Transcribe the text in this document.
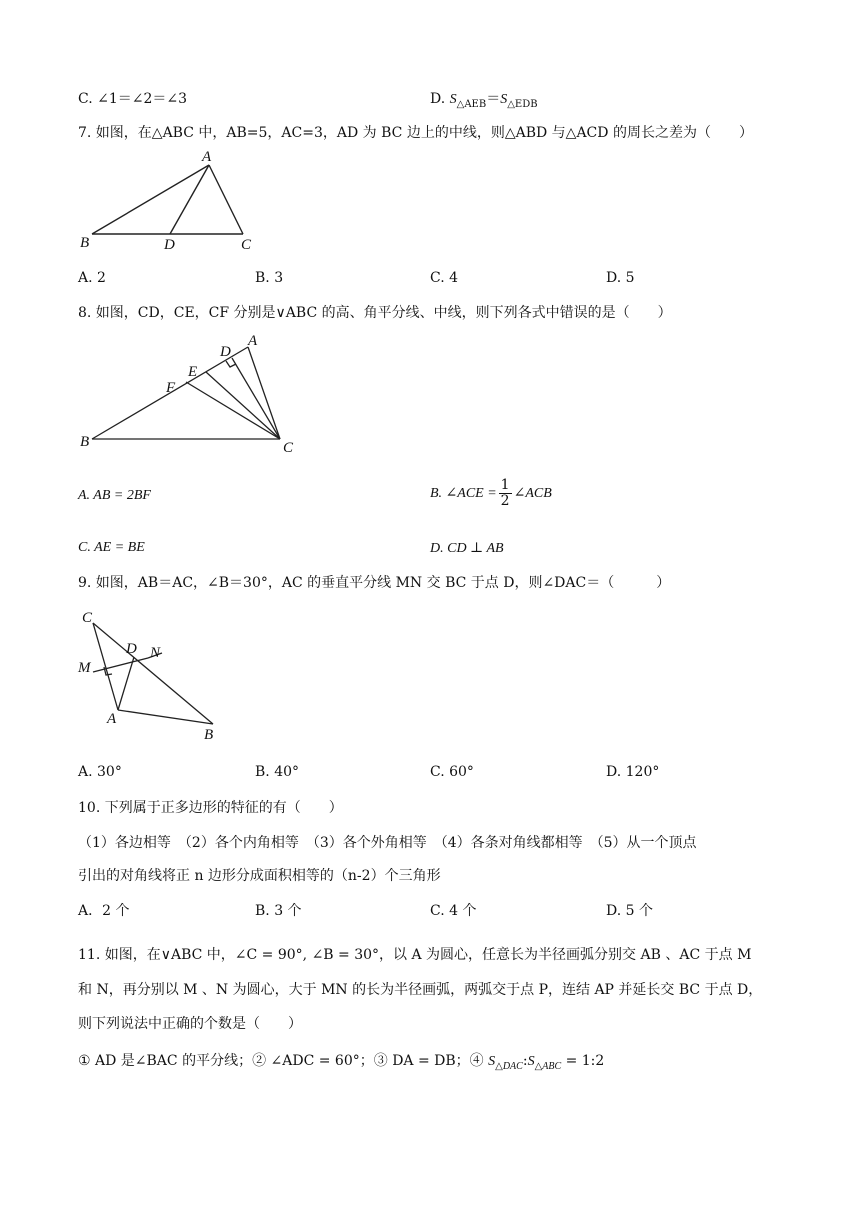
C. ∠1＝∠2＝∠3	D. $S_{\triangle AEB}=S_{\triangle EDB}$
7. 如图，在△ABC 中，AB=5，AC=3，AD 为 BC 边上的中线，则△ABD 与△ACD 的周长之差为（　　）
A
B	D	C
A. 2	B. 3	C. 4	D. 5
8. 如图，CD，CE，CF 分别是∨ABC 的高、角平分线、中线，则下列各式中错误的是（　　）
A
D
E
F
B	C
A. AB = 2BF	B. ∠ACE = $\frac{1}{2}$ ∠ACB
C. AE = BE	D. CD ⊥ AB
9. 如图，AB＝AC，∠B＝30°，AC 的垂直平分线 MN 交 BC 于点 D，则∠DAC＝（　　　）
C
D N
M
A
B
A. 30°	B. 40°	C. 60°	D. 120°
10. 下列属于正多边形的特征的有（　　）
（1）各边相等　（2）各个内角相等　（3）各个外角相等　（4）各条对角线都相等　（5）从一个顶点
引出的对角线将正 n 边形分成面积相等的（n-2）个三角形
A．2 个	B. 3 个	C. 4 个	D. 5 个
11. 如图，在∨ABC 中，∠C = 90°, ∠B = 30°，以 A 为圆心，任意长为半径画弧分别交 AB 、AC 于点 M
和 N，再分别以 M 、N 为圆心，大于 MN 的长为半径画弧，两弧交于点 P，连结 AP 并延长交 BC 于点 D，
则下列说法中正确的个数是（　　）
① AD 是∠BAC 的平分线；② ∠ADC = 60°；③ DA = DB；④ $S_{\triangle DAC}:S_{\triangle ABC}$ = 1:2
